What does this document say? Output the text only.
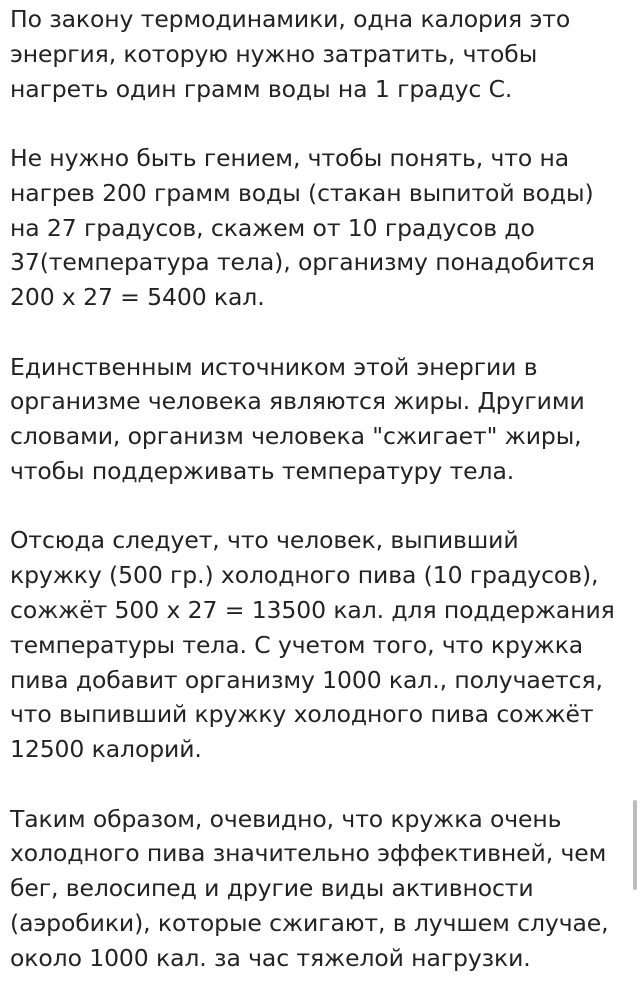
По закону термодинамики, одна калория это
энергия, которую нужно затратить, чтобы
нагреть один грамм воды на 1 градус С.

Не нужно быть гением, чтобы понять, что на
нагрев 200 грамм воды (стакан выпитой воды)
на 27 градусов, скажем от 10 градусов до
37(температура тела), организму понадобится
200 х 27 = 5400 кал.

Единственным источником этой энергии в
организме человека являются жиры. Другими
словами, организм человека "сжигает" жиры,
чтобы поддерживать температуру тела.

Отсюда следует, что человек, выпивший
кружку (500 гр.) холодного пива (10 градусов),
сожжёт 500 х 27 = 13500 кал. для поддержания
температуры тела. С учетом того, что кружка
пива добавит организму 1000 кал., получается,
что выпивший кружку холодного пива сожжёт
12500 калорий.

Таким образом, очевидно, что кружка очень
холодного пива значительно эффективней, чем
бег, велосипед и другие виды активности
(аэробики), которые сжигают, в лучшем случае,
около 1000 кал. за час тяжелой нагрузки.
